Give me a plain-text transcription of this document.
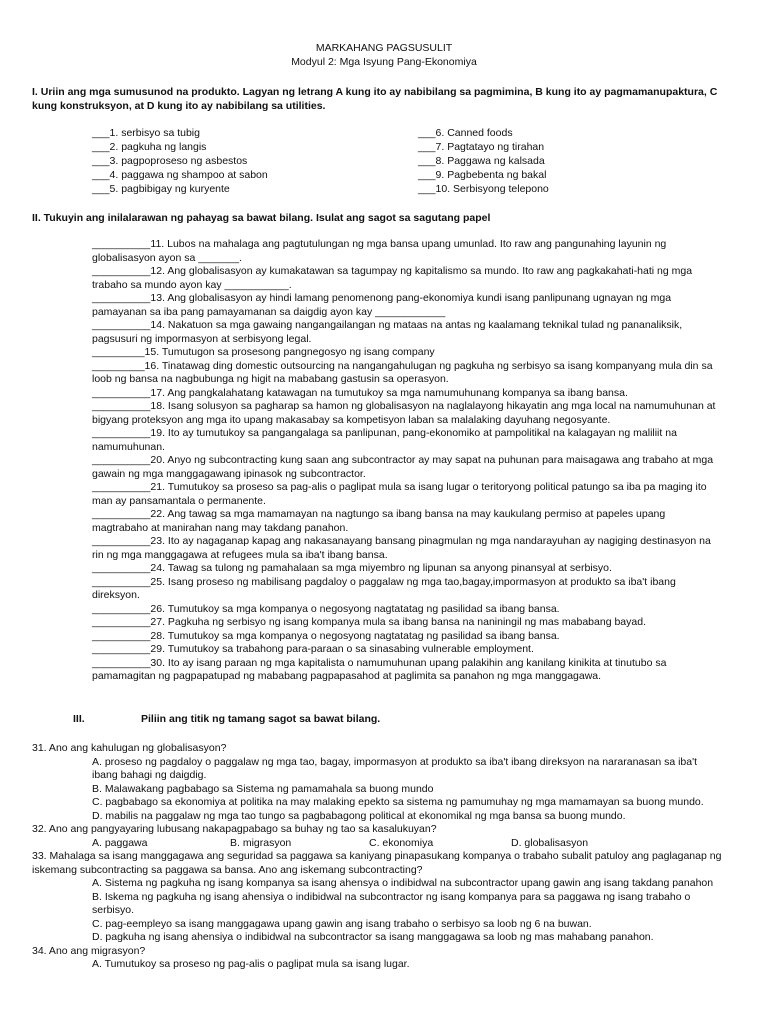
MARKAHANG PAGSUSULIT
Modyul 2: Mga Isyung Pang-Ekonomiya
I. Uriin ang mga sumusunod na produkto. Lagyan ng letrang A kung ito ay nabibilang sa pagmimina, B kung ito ay pagmamanupaktura, C kung konstruksyon, at D kung ito ay nabibilang sa utilities.
___1. serbisyo sa tubig
___2. pagkuha ng langis
___3. pagpoproseso ng asbestos
___4. paggawa ng shampoo at sabon
___5. pagbibigay ng kuryente
___6. Canned foods
___7. Pagtatayo ng tirahan
___8. Paggawa ng kalsada
___9. Pagbebenta ng bakal
___10. Serbisyong telepono
II. Tukuyin ang inilalarawan ng pahayag sa bawat bilang. Isulat ang sagot sa sagutang papel
__________11. Lubos na mahalaga ang pagtutulungan ng mga bansa upang umunlad. Ito raw ang pangunahing layunin ng globalisasyon ayon sa _______.
__________12. Ang globalisasyon ay kumakatawan sa tagumpay ng kapitalismo sa mundo. Ito raw ang pagkakahati-hati ng mga trabaho sa mundo ayon kay ___________.
__________13. Ang globalisasyon ay hindi lamang penomenong pang-ekonomiya kundi isang panlipunang ugnayan ng mga pamayanan sa iba pang pamayamanan sa daigdig ayon kay ____________
__________14. Nakatuon sa mga gawaing nangangailangan ng mataas na antas ng kaalamang teknikal tulad ng pananaliksik, pagsusuri ng impormasyon at serbisyong legal.
_________15. Tumutugon sa prosesong pangnegosyo ng isang company
_________16. Tinatawag ding domestic outsourcing na nangangahulugan ng pagkuha ng serbisyo sa isang kompanyang mula din sa loob ng bansa na nagbubunga ng higit na mababang gastusin sa operasyon.
__________17. Ang pangkalahatang katawagan na tumutukoy sa mga namumuhunang kompanya sa ibang bansa.
__________18. Isang solusyon sa pagharap sa hamon ng globalisasyon na naglalayong hikayatin ang mga local na namumuhunan at bigyang proteksyon ang mga ito upang makasabay sa kompetisyon laban sa malalaking dayuhang negosyante.
__________19. Ito ay tumutukoy sa pangangalaga sa panlipunan, pang-ekonomiko at pampolitikal na kalagayan ng maliliit na namumuhunan.
__________20. Anyo ng subcontracting kung saan ang subcontractor ay may sapat na puhunan para maisagawa ang trabaho at mga gawain ng mga manggagawang ipinasok ng subcontractor.
__________21. Tumutukoy sa proseso sa pag-alis o paglipat mula sa isang lugar o teritoryong political patungo sa iba pa maging ito man ay pansamantala o permanente.
__________22. Ang tawag sa mga mamamayan na nagtungo sa ibang bansa na may kaukulang permiso at papeles upang magtrabaho at manirahan nang may takdang panahon.
__________23. Ito ay nagaganap kapag ang nakasanayang bansang pinagmulan ng mga nandarayuhan ay nagiging destinasyon na rin ng mga manggagawa at refugees mula sa iba't ibang bansa.
__________24. Tawag sa tulong ng pamahalaan sa mga miyembro ng lipunan sa anyong pinansyal at serbisyo.
__________25. Isang proseso ng mabilisang pagdaloy o paggalaw ng mga tao,bagay,impormasyon at produkto sa iba't ibang direksyon.
__________26. Tumutukoy sa mga kompanya o negosyong nagtatatag ng pasilidad sa ibang bansa.
__________27. Pagkuha ng serbisyo ng isang kompanya mula sa ibang bansa na naniningil ng mas mababang bayad.
__________28. Tumutukoy sa mga kompanya o negosyong nagtatatag ng pasilidad sa ibang bansa.
__________29. Tumutukoy sa trabahong para-paraan o sa sinasabing vulnerable employment.
__________30. Ito ay isang paraan ng mga kapitalista o namumuhunan upang palakihin ang kanilang kinikita at tinutubo sa pamamagitan ng pagpapatupad ng mababang pagpapasahod at paglimita sa panahon ng mga manggagawa.
III.	Piliin ang titik ng tamang sagot sa bawat bilang.
31. Ano ang kahulugan ng globalisasyon?
A. proseso ng pagdaloy o paggalaw ng mga tao, bagay, impormasyon at produkto sa iba't ibang direksyon na nararanasan sa iba't ibang bahagi ng daigdig.
B. Malawakang pagbabago sa Sistema ng pamamahala sa buong mundo
C. pagbabago sa ekonomiya at politika na may malaking epekto sa sistema ng pamumuhay ng mga mamamayan sa buong mundo.
D. mabilis na paggalaw ng mga tao tungo sa pagbabagong political at ekonomikal ng mga bansa sa buong mundo.
32. Ano ang pangyayaring lubusang nakapagpabago sa buhay ng tao sa kasalukuyan?
A. paggawa	B. migrasyon	C. ekonomiya	D. globalisasyon
33. Mahalaga sa isang manggagawa ang seguridad sa paggawa sa kaniyang pinapasukang kompanya o trabaho subalit patuloy ang paglaganap ng iskemang subcontracting sa paggawa sa bansa. Ano ang iskemang subcontracting?
A. Sistema ng pagkuha ng isang kompanya sa isang ahensya o indibidwal na subcontractor upang gawin ang isang takdang panahon
B. Iskema ng pagkuha ng isang ahensiya o indibidwal na subcontractor ng isang kompanya para sa paggawa ng isang trabaho o serbisyo.
C. pag-eempleyo sa isang manggagawa upang gawin ang isang trabaho o serbisyo sa loob ng 6 na buwan.
D. pagkuha ng isang ahensiya o indibidwal na subcontractor sa isang manggagawa sa loob ng mas mahabang panahon.
34. Ano ang migrasyon?
A. Tumutukoy sa proseso ng pag-alis o paglipat mula sa isang lugar.
